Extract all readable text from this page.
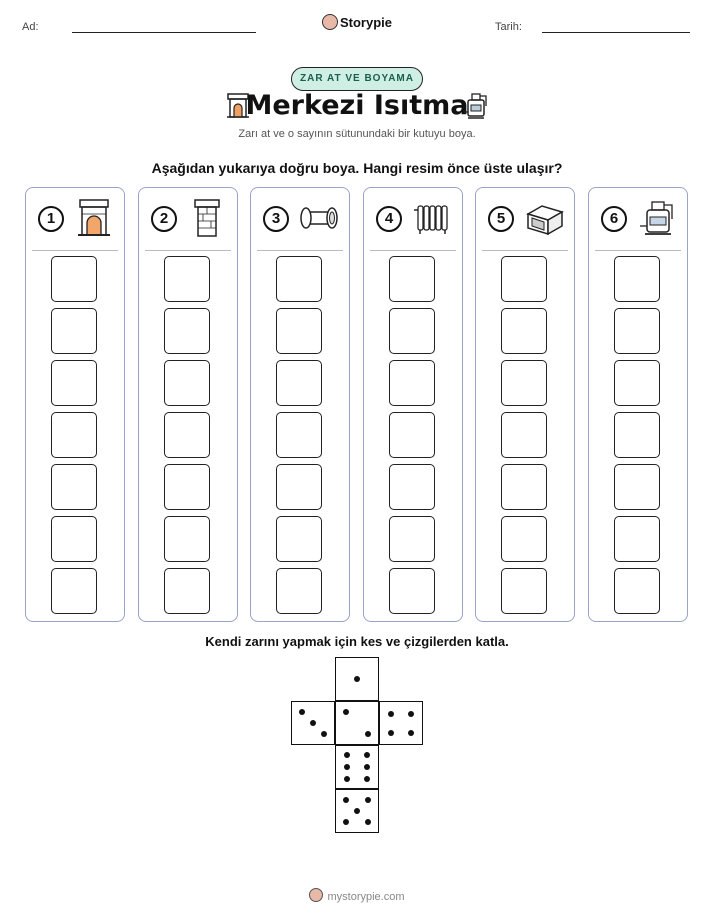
Ad:	Storypie	Tarih:
ZAR AT VE BOYAMA
Merkezi Isıtma
Zarı at ve o sayının sütunundaki bir kutuyu boya.
Aşağıdan yukarıya doğru boya. Hangi resim önce üste ulaşır?
1	2	3	4	5	6
Kendi zarını yapmak için kes ve çizgilerden katla.
mystorypie.com
